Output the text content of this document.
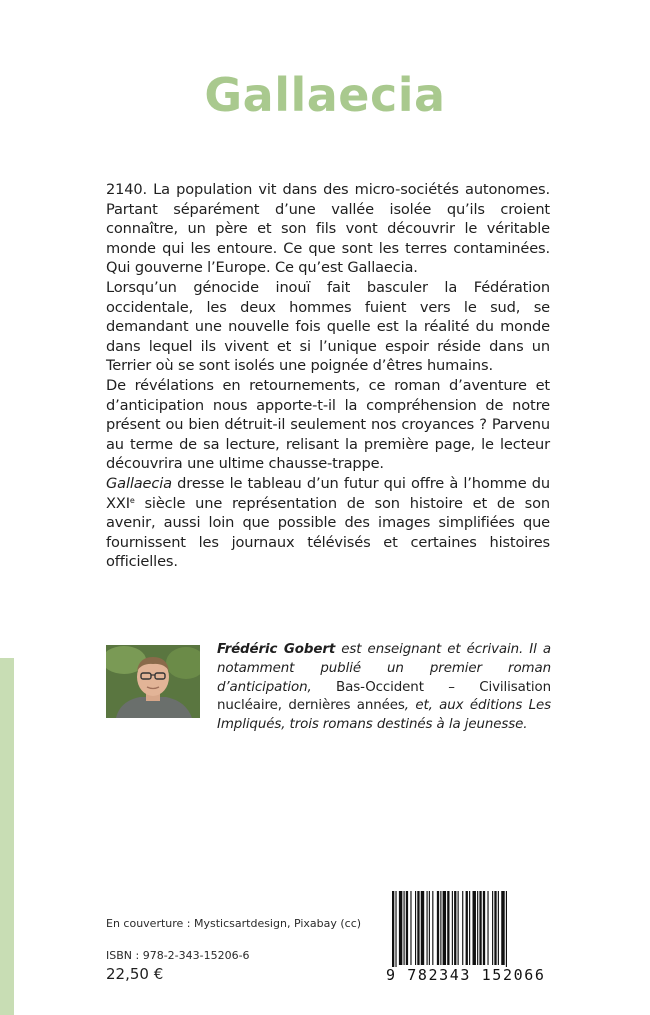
Gallaecia

2140. La population vit dans des micro-sociétés autonomes. Partant séparément d’une vallée isolée qu’ils croient connaître, un père et son fils vont découvrir le véritable monde qui les entoure. Ce que sont les terres contaminées. Qui gouverne l’Europe. Ce qu’est Gallaecia.

Lorsqu’un génocide inouï fait basculer la Fédération occidentale, les deux hommes fuient vers le sud, se demandant une nouvelle fois quelle est la réalité du monde dans lequel ils vivent et si l’unique espoir réside dans un Terrier où se sont isolés une poignée d’êtres humains.

De révélations en retournements, ce roman d’aventure et d’anticipation nous apporte-t-il la compréhension de notre présent ou bien détruit-il seulement nos croyances ? Parvenu au terme de sa lecture, relisant la première page, le lecteur découvrira une ultime chausse-trappe.

Gallaecia dresse le tableau d’un futur qui offre à l’homme du XXIe siècle une représentation de son histoire et de son avenir, aussi loin que possible des images simplifiées que fournissent les journaux télévisés et certaines histoires officielles.

Frédéric Gobert est enseignant et écrivain. Il a notamment publié un premier roman d’anticipation, Bas-Occident – Civilisation nucléaire, dernières années, et, aux éditions Les Impliqués, trois romans destinés à la jeunesse.
En couverture : Mysticsartdesign, Pixabay (cc)
ISBN : 978-2-343-15206-6
22,50 €	9 782343 152066
